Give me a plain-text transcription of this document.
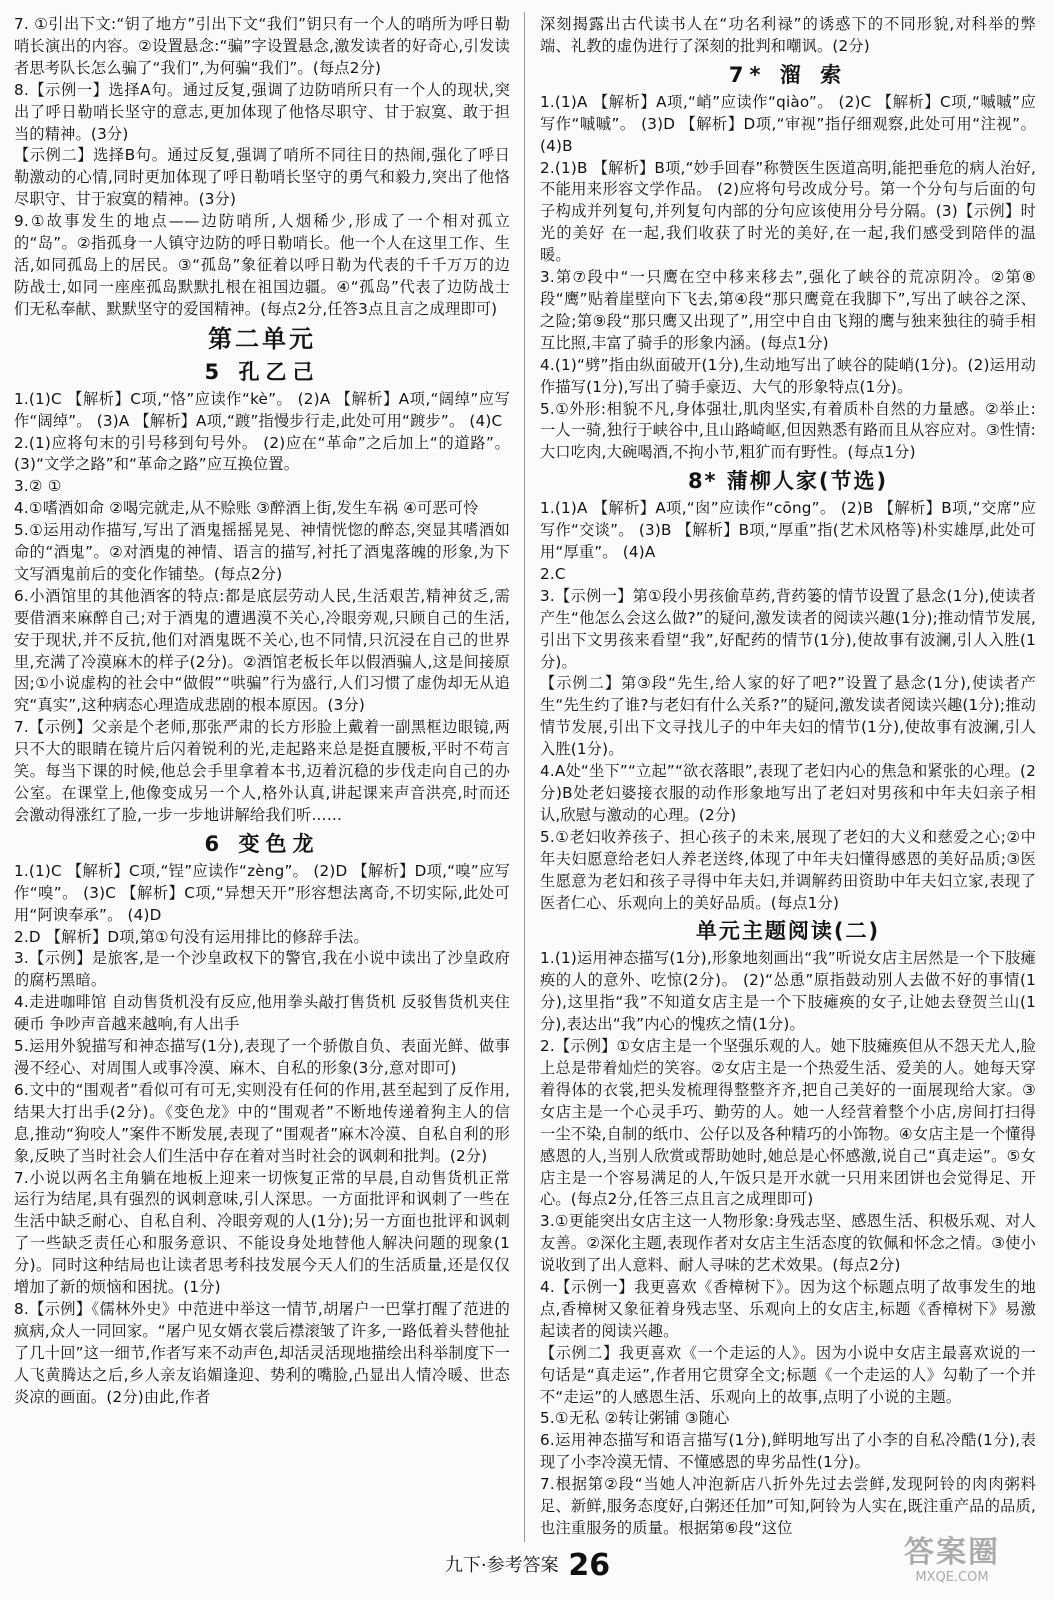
7. ①引出下文:“钥了地方”引出下文“我们”钥只有一个人的哨所为呼日勒哨长演出的内容。②设置悬念:“骗”字设置悬念,激发读者的好奇心,引发读者思考队长怎么骗了“我们”,为何骗“我们”。(每点2分)

8.【示例一】选择A句。通过反复,强调了边防哨所只有一个人的现状,突出了呼日勒哨长坚守的意志,更加体现了他恪尽职守、甘于寂寞、敢于担当的精神。(3分)

【示例二】选择B句。通过反复,强调了哨所不同往日的热闹,强化了呼日勒激动的心情,同时更加体现了呼日勒哨长坚守的勇气和毅力,突出了他恪尽职守、甘于寂寞的精神。(3分)

9.①故事发生的地点——边防哨所,人烟稀少,形成了一个相对孤立的“岛”。②指孤身一人镇守边防的呼日勒哨长。他一个人在这里工作、生活,如同孤岛上的居民。③“孤岛”象征着以呼日勒为代表的千千万万的边防战士,如同一座座孤岛默默扎根在祖国边疆。④“孤岛”代表了边防战士们无私奉献、默默坚守的爱国精神。(每点2分,任答3点且言之成理即可)

第二单元
5 孔乙己

1.(1)C 【解析】C项,“恪”应读作“kè”。 (2)A 【解析】A项,“阔绰”应写作“阔绰”。 (3)A 【解析】A项,“踱”指慢步行走,此处可用“踱步”。 (4)C

2.(1)应将句末的引号移到句号外。 (2)应在“革命”之后加上“的道路”。 (3)“文学之路”和“革命之路”应互换位置。

3.② ①

4.①嗜酒如命 ②喝完就走,从不赊账 ③醉酒上街,发生车祸 ④可恶可怜

5.①运用动作描写,写出了酒鬼摇摇晃晃、神情恍惚的醉态,突显其嗜酒如命的“酒鬼”。②对酒鬼的神情、语言的描写,衬托了酒鬼落魄的形象,为下文写酒鬼前后的变化作铺垫。(每点2分)

6.小酒馆里的其他酒客的特点:都是底层劳动人民,生活艰苦,精神贫乏,需要借酒来麻醉自己;对于酒鬼的遭遇漠不关心,冷眼旁观,只顾自己的生活,安于现状,并不反抗,他们对酒鬼既不关心,也不同情,只沉浸在自己的世界里,充满了冷漠麻木的样子(2分)。②酒馆老板长年以假酒骗人,这是间接原因;①小说虚构的社会中“做假”“哄骗”行为盛行,人们习惯了虚伪却无从追究“真实”,这种病态心理造成悲剧的根本原因。(3分)

7.【示例】父亲是个老师,那张严肃的长方形脸上戴着一副黑框边眼镜,两只不大的眼睛在镜片后闪着锐利的光,走起路来总是挺直腰板,平时不苟言笑。每当下课的时候,他总会手里拿着本书,迈着沉稳的步伐走向自己的办公室。在课堂上,他像变成另一个人,格外认真,讲起课来声音洪亮,时而还会激动得涨红了脸,一步一步地讲解给我们听……

6 变色龙

1.(1)C 【解析】C项,“锃”应读作“zèng”。 (2)D 【解析】D项,“嗅”应写作“嗅”。 (3)C 【解析】C项,“异想天开”形容想法离奇,不切实际,此处可用“阿谀奉承”。 (4)D

2.D 【解析】D项,第①句没有运用排比的修辞手法。

3.【示例】是旅客,是一个沙皇政权下的警官,我在小说中读出了沙皇政府的腐朽黑暗。

4.走进咖啡馆 自动售货机没有反应,他用拳头敲打售货机 反驳售货机夹住硬币 争吵声音越来越响,有人出手

5.运用外貌描写和神态描写(1分),表现了一个骄傲自负、表面光鲜、做事漫不经心、对周围人或事冷漠、麻木、自私的形象(3分,意对即可)

6.文中的“围观者”看似可有可无,实则没有任何的作用,甚至起到了反作用,结果大打出手(2分)。《变色龙》中的“围观者”不断地传递着狗主人的信息,推动“狗咬人”案件不断发展,表现了“围观者”麻木冷漠、自私自利的形象,反映了当时社会人们生活中存在着对当时社会的讽刺和批判。(2分)

7.小说以两名主角躺在地板上迎来一切恢复正常的早晨,自动售货机正常运行为结尾,具有强烈的讽刺意味,引人深思。一方面批评和讽刺了一些在生活中缺乏耐心、自私自利、冷眼旁观的人(1分);另一方面也批评和讽刺了一些缺乏责任心和服务意识、不能设身处地替他人解决问题的现象(1分)。同时这种结局也让读者思考科技发展今天人们的生活质量,还是仅仅增加了新的烦恼和困扰。(1分)

8.【示例】《儒林外史》中范进中举这一情节,胡屠户一巴掌打醒了范进的疯病,众人一同回家。“屠户见女婿衣裳后襟滚皱了许多,一路低着头替他扯了几十回”这一细节,作者写来不动声色,却活灵活现地描绘出科举制度下一人飞黄腾达之后,乡人亲友谄媚逢迎、势利的嘴脸,凸显出人情冷暖、世态炎凉的画面。(2分)由此,作者

深刻揭露出古代读书人在“功名利禄”的诱惑下的不同形貌,对科举的弊端、礼教的虚伪进行了深刻的批判和嘲讽。(2分)

7* 溜 索

1.(1)A 【解析】A项,“峭”应读作“qiào”。 (2)C 【解析】C项,“嘁嘁”应写作“嘁嘁”。 (3)D 【解析】D项,“审视”指仔细观察,此处可用“注视”。 (4)B

2.(1)B 【解析】B项,“妙手回春”称赞医生医道高明,能把垂危的病人治好,不能用来形容文学作品。 (2)应将句号改成分号。第一个分句与后面的句子构成并列复句,并列复句内部的分句应该使用分号分隔。(3)【示例】时光的美好 在一起,我们收获了时光的美好,在一起,我们感受到陪伴的温暖。

3.第⑦段中“一只鹰在空中移来移去”,强化了峡谷的荒凉阴冷。②第⑧段“鹰”贴着崖壁向下飞去,第④段“那只鹰竟在我脚下”,写出了峡谷之深、之险;第⑨段“那只鹰又出现了”,用空中自由飞翔的鹰与独来独往的骑手相互比照,丰富了骑手的形象内涵。(每点1分)

4.(1)“劈”指由纵面破开(1分),生动地写出了峡谷的陡峭(1分)。(2)运用动作描写(1分),写出了骑手豪迈、大气的形象特点(1分)。

5.①外形:相貌不凡,身体强壮,肌肉坚实,有着质朴自然的力量感。②举止:一人一骑,独行于峡谷中,且山路崎岖,但因熟悉有路而且从容应对。③性情:大口吃肉,大碗喝酒,不拘小节,粗犷而有野性。(每点1分)

8* 蒲柳人家(节选)

1.(1)A 【解析】A项,“囱”应读作“cōng”。 (2)B 【解析】B项,“交席”应写作“交谈”。 (3)B 【解析】B项,“厚重”指(艺术风格等)朴实雄厚,此处可用“厚重”。 (4)A

2.C

3.【示例一】第①段小男孩偷草药,背药篓的情节设置了悬念(1分),使读者产生“他怎么会这么做?”的疑问,激发读者的阅读兴趣(1分);推动情节发展,引出下文男孩来看望“我”,好配药的情节(1分),使故事有波澜,引人入胜(1分)。

【示例二】第③段“先生,给人家的好了吧?”设置了悬念(1分),使读者产生“先生约了谁?与老妇有什么关系?”的疑问,激发读者阅读兴趣(1分);推动情节发展,引出下文寻找儿子的中年夫妇的情节(1分),使故事有波澜,引人入胜(1分)。

4.A处“坐下”“立起”“欲衣落眼”,表现了老妇内心的焦急和紧张的心理。(2分)B处老妇婆接衣服的动作形象地写出了老妇对男孩和中年夫妇亲子相认,欣慰与激动的心理。(2分)

5.①老妇收养孩子、担心孩子的未来,展现了老妇的大义和慈爱之心;②中年夫妇愿意给老妇人养老送终,体现了中年夫妇懂得感恩的美好品质;③医生愿意为老妇和孩子寻得中年夫妇,并调解药田资助中年夫妇立家,表现了医者仁心、乐观向上的美好品质。(每点1分)

单元主题阅读(二)

1.(1)运用神态描写(1分),形象地刻画出“我”听说女店主居然是一个下肢瘫痪的人的意外、吃惊(2分)。 (2)“怂恿”原指鼓动别人去做不好的事情(1分),这里指“我”不知道女店主是一个下肢瘫痪的女子,让她去登贺兰山(1分),表达出“我”内心的愧疚之情(1分)。

2.【示例】①女店主是一个坚强乐观的人。她下肢瘫痪但从不怨天尤人,脸上总是带着灿烂的笑容。②女店主是一个热爱生活、爱美的人。她每天穿着得体的衣裳,把头发梳理得整整齐齐,把自己美好的一面展现给大家。③女店主是一个心灵手巧、勤劳的人。她一人经营着整个小店,房间打扫得一尘不染,自制的纸巾、公仔以及各种精巧的小饰物。④女店主是一个懂得感恩的人,当别人欣赏或帮助她时,她总是心怀感激,说自己“真走运”。⑤女店主是一个容易满足的人,午饭只是开水就一只用来团饼也会觉得足、开心。(每点2分,任答三点且言之成理即可)

3.①更能突出女店主这一人物形象:身残志坚、感恩生活、积极乐观、对人友善。②深化主题,表现作者对女店主生活态度的钦佩和怀念之情。③使小说收到了出人意料、耐人寻味的艺术效果。(每点2分)

4.【示例一】我更喜欢《香樟树下》。因为这个标题点明了故事发生的地点,香樟树又象征着身残志坚、乐观向上的女店主,标题《香樟树下》易激起读者的阅读兴趣。

【示例二】我更喜欢《一个走运的人》。因为小说中女店主最喜欢说的一句话是“真走运”,作者用它贯穿全文;标题《一个走运的人》勾勒了一个并不“走运”的人感恩生活、乐观向上的故事,点明了小说的主题。

5.①无私 ②转让粥铺 ③随心

6.运用神态描写和语言描写(1分),鲜明地写出了小李的自私冷酷(1分),表现了小李冷漠无情、不懂感恩的卑劣品性(1分)。

7.根据第②段“当她人冲泡新店八折外先过去尝鲜,发现阿铃的肉肉粥料足、新鲜,服务态度好,白粥还任加”可知,阿铃为人实在,既注重产品的品质,也注重服务的质量。根据第⑥段“这位

九下·参考答案 26	答案圈
MXQE.COM
